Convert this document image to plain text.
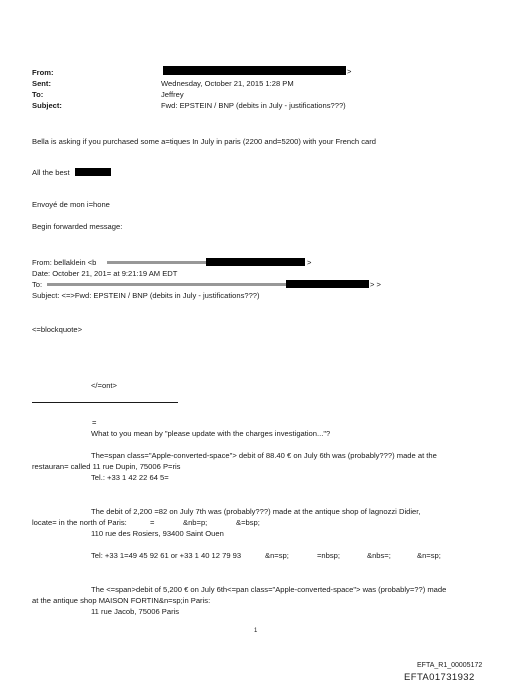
From:	>
Sent:	Wednesday, October 21, 2015 1:28 PM
To:	Jeffrey
Subject:	Fwd: EPSTEIN / BNP (debits in July - justifications???)
Bella is asking if you purchased some a=tiques In July in paris (2200 and=5200) with your French card
All the best
Envoyé de mon i=hone
Begin forwarded message:
From: bellaklein <b	>
Date: October 21, 201= at 9:21:19 AM EDT
To:	> >
Subject: <=>Fwd: EPSTEIN / BNP (debits in July - justifications???)
<=blockquote>
</=ont>
=
What to you mean by "please update with the charges investigation..."?
The=span class="Apple-converted-space"> debit of 88.40 € on July 6th was (probably???) made at the
restauran= called 11 rue Dupin, 75006 P=ris
Tel.: +33 1 42 22 64 5=
The debit of 2,200 =82 on July 7th was (probably???) made at the antique shop of lagnozzi Didier,
locate= in the north of Paris:	=	&nb=p;	&=bsp;
110 rue des Rosiers, 93400 Saint Ouen
Tel: +33 1=49 45 92 61 or +33 1 40 12 79 93	&n=sp;	=nbsp;	&nbs=;	&n=sp;
The <=span>debit of 5,200 € on July 6th<=pan class="Apple-converted-space"> was (probably=??) made
at the antique shop MAISON FORTIN&n=sp;in Paris:
11 rue Jacob, 75006 Paris
1
EFTA_R1_00005172
EFTA01731932
